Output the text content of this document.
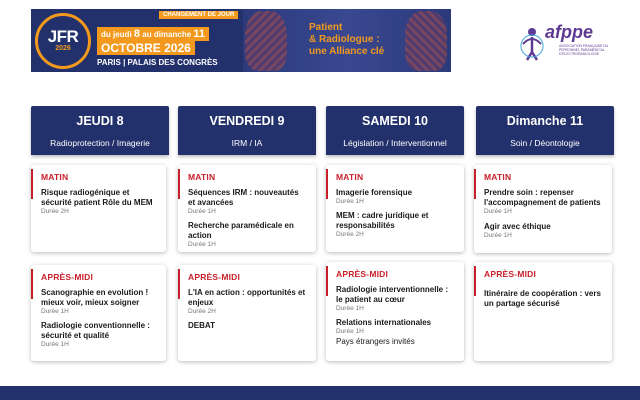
JFR
2026
CHANGEMENT DE JOUR
du jeudi 8 au dimanche 11
OCTOBRE 2026
PARIS | PALAIS DES CONGRÈS
Patient
& Radiologue :
une Alliance clé
afppe
ASSOCIATION FRANÇAISE DU PERSONNEL PARAMÉDICAL D'ÉLECTRORADIOLOGIE
JEUDI 8
Radioprotection / Imagerie
MATIN
Risque radiogénique et sécurité patient Rôle du MEM
Durée 2H
APRÈS-MIDI
Scanographie en evolution ! mieux voir, mieux soigner
Durée 1H
Radiologie conventionnelle : sécurité et qualité
Durée 1H
VENDREDI 9
IRM / IA
MATIN
Séquences IRM : nouveautés et avancées
Durée 1H
Recherche paramédicale en action
Durée 1H
APRÈS-MIDI
L'IA en action : opportunités et enjeux
Durée 2H
DEBAT
SAMEDI 10
Législation / Interventionnel
MATIN
Imagerie forensique
Durée 1H
MEM : cadre juridique et responsabilités
Durée 2H
APRÈS-MIDI
Radiologie interventionnelle : le patient au cœur
Durée 1H
Relations internationales
Durée 1H
Pays étrangers invités
Dimanche 11
Soin / Déontologie
MATIN
Prendre soin : repenser l'accompagnement de patients
Durée 1H
Agir avec éthique
Durée 1H
APRÈS-MIDI
Itinéraire de coopération : vers un partage sécurisé
